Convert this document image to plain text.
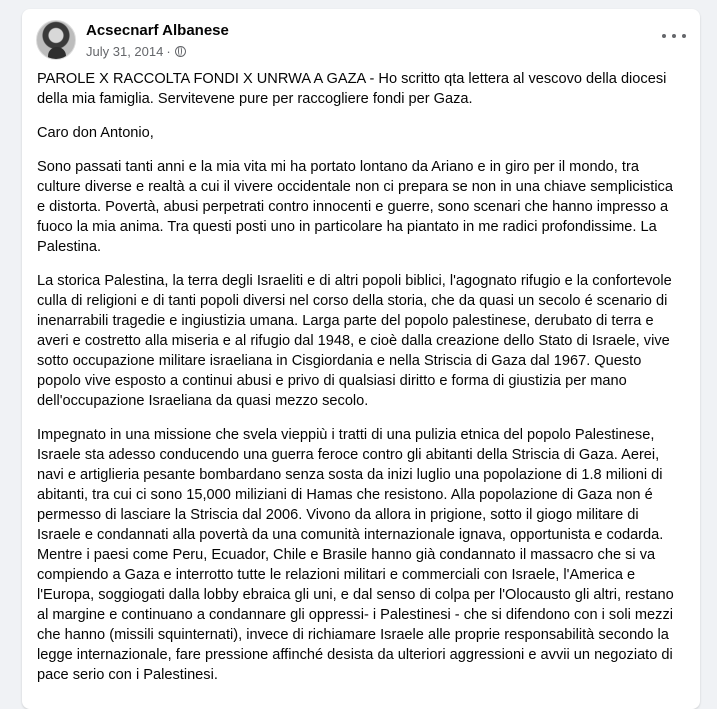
Acsecnarf Albanese
July 31, 2014 ·

PAROLE X RACCOLTA FONDI X UNRWA A GAZA - Ho scritto qta lettera al vescovo della diocesi della mia famiglia. Servitevene pure per raccogliere fondi per Gaza.

Caro don Antonio,

Sono passati tanti anni e la mia vita mi ha portato lontano da Ariano e in giro per il mondo, tra culture diverse e realtà a cui il vivere occidentale non ci prepara se non in una chiave semplicistica e distorta. Povertà, abusi perpetrati contro innocenti e guerre, sono scenari che hanno impresso a fuoco la mia anima. Tra questi posti uno in particolare ha piantato in me radici profondissime. La Palestina.

La storica Palestina, la terra degli Israeliti e di altri popoli biblici, l'agognato rifugio e la confortevole culla di religioni e di tanti popoli diversi nel corso della storia, che da quasi un secolo é scenario di inenarrabili tragedie e ingiustizia umana. Larga parte del popolo palestinese, derubato di terra e averi e costretto alla miseria e al rifugio dal 1948, e cioè dalla creazione dello Stato di Israele, vive sotto occupazione militare israeliana in Cisgiordania e nella Striscia di Gaza dal 1967. Questo popolo vive esposto a continui abusi e privo di qualsiasi diritto e forma di giustizia per mano dell'occupazione Israeliana da quasi mezzo secolo.

Impegnato in una missione che svela vieppiù i tratti di una pulizia etnica del popolo Palestinese, Israele sta adesso conducendo una guerra feroce contro gli abitanti della Striscia di Gaza. Aerei, navi e artiglieria pesante bombardano senza sosta da inizi luglio una popolazione di 1.8 milioni di abitanti, tra cui ci sono 15,000 miliziani di Hamas che resistono. Alla popolazione di Gaza non é permesso di lasciare la Striscia dal 2006. Vivono da allora in prigione, sotto il giogo militare di Israele e condannati alla povertà da una comunità internazionale ignava, opportunista e codarda. Mentre i paesi come Peru, Ecuador, Chile e Brasile hanno già condannato il massacro che si va compiendo a Gaza e interrotto tutte le relazioni militari e commerciali con Israele, l'America e l'Europa, soggiogati dalla lobby ebraica gli uni, e dal senso di colpa per l'Olocausto gli altri, restano al margine e continuano a condannare gli oppressi- i Palestinesi - che si difendono con i soli mezzi che hanno (missili squinternati), invece di richiamare Israele alle proprie responsabilità secondo la legge internazionale, fare pressione affinché desista da ulteriori aggressioni e avvii un negoziato di pace serio con i Palestinesi.
